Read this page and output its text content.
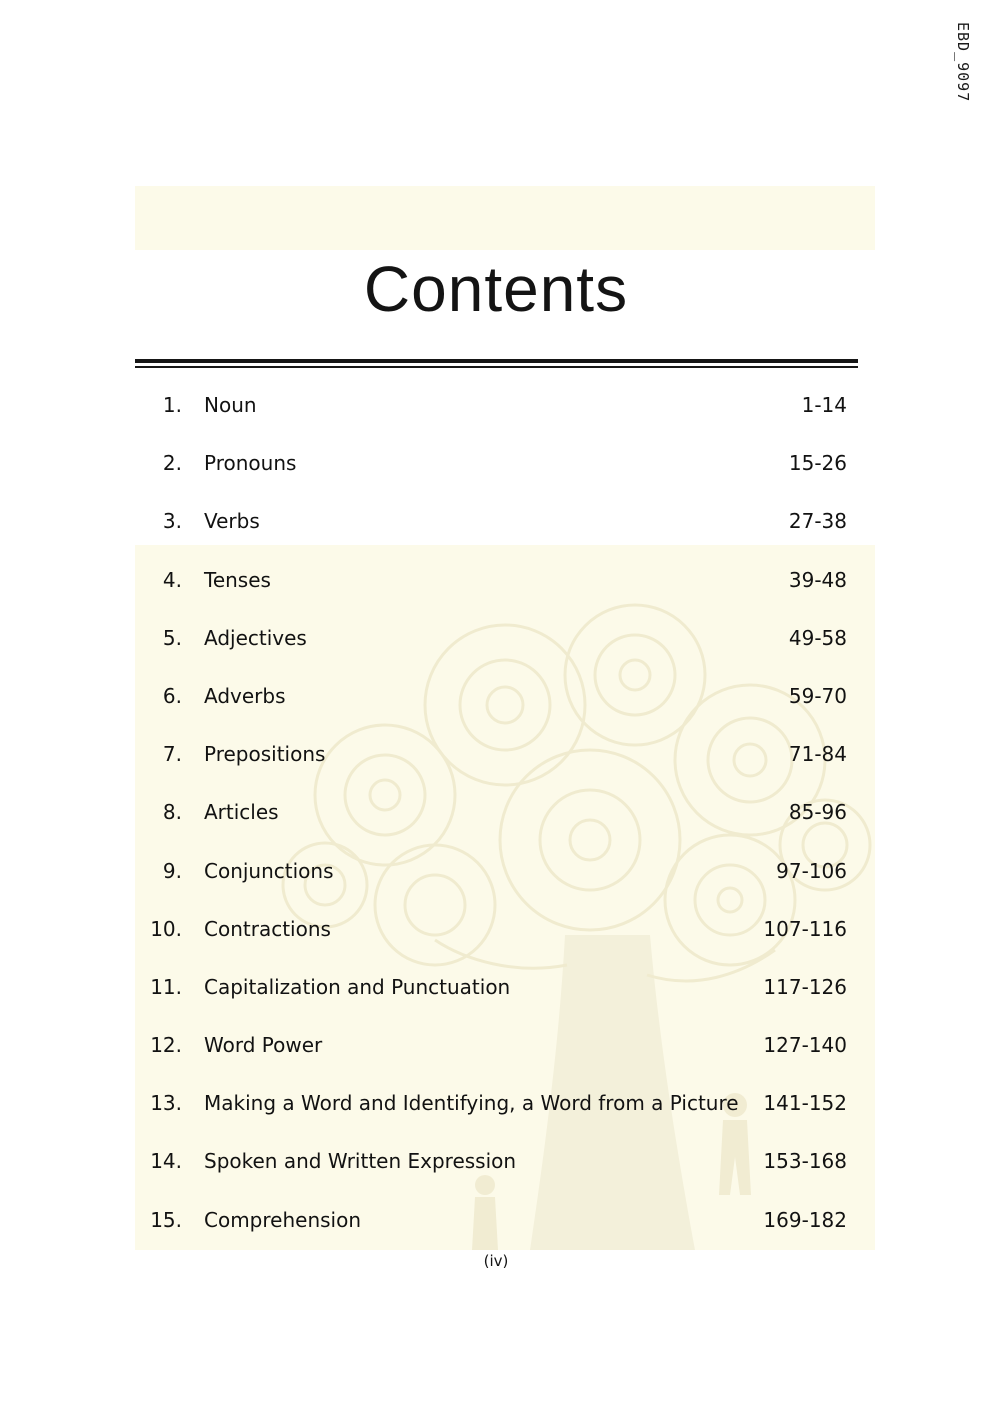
EBD_9097
Contents
1. Noun	1-14
2. Pronouns	15-26
3. Verbs	27-38
4. Tenses	39-48
5. Adjectives	49-58
6. Adverbs	59-70
7. Prepositions	71-84
8. Articles	85-96
9. Conjunctions	97-106
10. Contractions	107-116
11. Capitalization and Punctuation	117-126
12. Word Power	127-140
13. Making a Word and Identifying, a Word from a Picture	141-152
14. Spoken and Written Expression	153-168
15. Comprehension	169-182
(iv)
